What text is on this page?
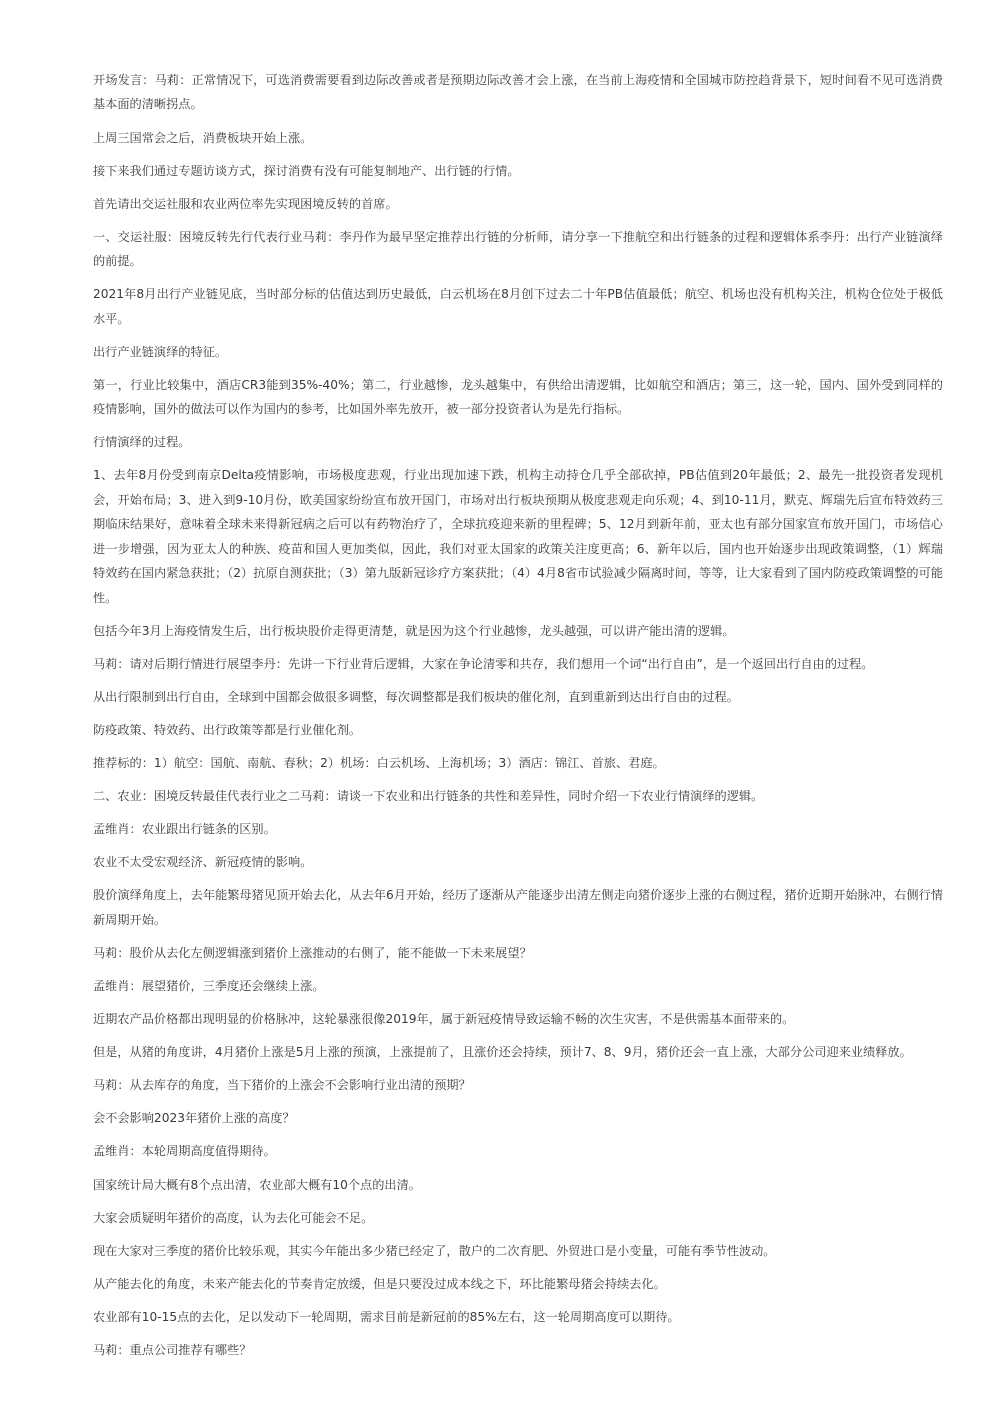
开场发言：马莉：正常情况下，可选消费需要看到边际改善或者是预期边际改善才会上涨，在当前上海疫情和全国城市防控趋背景下，短时间看不见可选消费基本面的清晰拐点。

上周三国常会之后，消费板块开始上涨。

接下来我们通过专题访谈方式，探讨消费有没有可能复制地产、出行链的行情。

首先请出交运社服和农业两位率先实现困境反转的首席。

一、交运社服：困境反转先行代表行业马莉：李丹作为最早坚定推荐出行链的分析师，请分享一下推航空和出行链条的过程和逻辑体系李丹：出行产业链演绎的前提。

2021年8月出行产业链见底，当时部分标的估值达到历史最低，白云机场在8月创下过去二十年PB估值最低；航空、机场也没有机构关注，机构仓位处于极低水平。

出行产业链演绎的特征。

第一，行业比较集中，酒店CR3能到35%-40%；第二，行业越惨，龙头越集中，有供给出清逻辑，比如航空和酒店；第三，这一轮，国内、国外受到同样的疫情影响，国外的做法可以作为国内的参考，比如国外率先放开，被一部分投资者认为是先行指标。

行情演绎的过程。

1、去年8月份受到南京Delta疫情影响，市场极度悲观，行业出现加速下跌，机构主动持仓几乎全部砍掉，PB估值到20年最低；2、最先一批投资者发现机会，开始布局；3、进入到9-10月份，欧美国家纷纷宣布放开国门，市场对出行板块预期从极度悲观走向乐观；4、到10-11月，默克、辉瑞先后宣布特效药三期临床结果好，意味着全球未来得新冠病之后可以有药物治疗了，全球抗疫迎来新的里程碑；5、12月到新年前，亚太也有部分国家宣布放开国门，市场信心进一步增强，因为亚太人的种族、疫苗和国人更加类似，因此，我们对亚太国家的政策关注度更高；6、新年以后，国内也开始逐步出现政策调整，（1）辉瑞特效药在国内紧急获批；（2）抗原自测获批；（3）第九版新冠诊疗方案获批；（4）4月8省市试验减少隔离时间，等等，让大家看到了国内防疫政策调整的可能性。

包括今年3月上海疫情发生后，出行板块股价走得更清楚，就是因为这个行业越惨，龙头越强，可以讲产能出清的逻辑。

马莉：请对后期行情进行展望李丹：先讲一下行业背后逻辑，大家在争论清零和共存，我们想用一个词“出行自由”，是一个返回出行自由的过程。

从出行限制到出行自由，全球到中国都会做很多调整，每次调整都是我们板块的催化剂，直到重新到达出行自由的过程。

防疫政策、特效药、出行政策等都是行业催化剂。

推荐标的：1）航空：国航、南航、春秋；2）机场：白云机场、上海机场；3）酒店：锦江、首旅、君庭。

二、农业：困境反转最佳代表行业之二马莉：请谈一下农业和出行链条的共性和差异性，同时介绍一下农业行情演绎的逻辑。

孟维肖：农业跟出行链条的区别。

农业不太受宏观经济、新冠疫情的影响。

股价演绎角度上，去年能繁母猪见顶开始去化，从去年6月开始，经历了逐渐从产能逐步出清左侧走向猪价逐步上涨的右侧过程，猪价近期开始脉冲，右侧行情新周期开始。

马莉：股价从去化左侧逻辑涨到猪价上涨推动的右侧了，能不能做一下未来展望？

孟维肖：展望猪价，三季度还会继续上涨。

近期农产品价格都出现明显的价格脉冲，这轮暴涨很像2019年，属于新冠疫情导致运输不畅的次生灾害，不是供需基本面带来的。

但是，从猪的角度讲，4月猪价上涨是5月上涨的预演，上涨提前了，且涨价还会持续，预计7、8、9月，猪价还会一直上涨，大部分公司迎来业绩释放。

马莉：从去库存的角度，当下猪价的上涨会不会影响行业出清的预期？

会不会影响2023年猪价上涨的高度？

孟维肖：本轮周期高度值得期待。

国家统计局大概有8个点出清，农业部大概有10个点的出清。

大家会质疑明年猪价的高度，认为去化可能会不足。

现在大家对三季度的猪价比较乐观，其实今年能出多少猪已经定了，散户的二次育肥、外贸进口是小变量，可能有季节性波动。

从产能去化的角度，未来产能去化的节奏肯定放缓，但是只要没过成本线之下，环比能繁母猪会持续去化。

农业部有10-15点的去化，足以发动下一轮周期，需求目前是新冠前的85%左右，这一轮周期高度可以期待。

马莉：重点公司推荐有哪些？
